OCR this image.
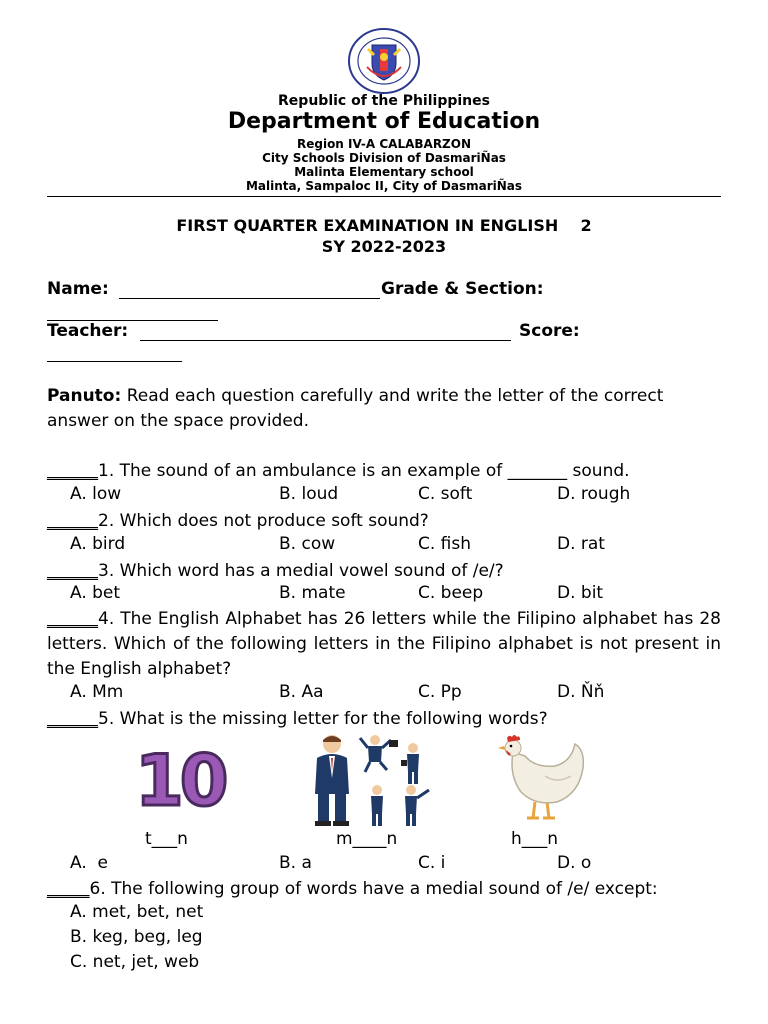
Republic of the Philippines
Department of Education
Region IV-A CALABARZON
City Schools Division of DasmariÑas
Malinta Elementary school
Malinta, Sampaloc II, City of DasmariÑas
FIRST QUARTER EXAMINATION IN ENGLISH    2
SY 2022-2023
Name:	Grade & Section:
Teacher:	Score:
Panuto: Read each question carefully and write the letter of the correct answer on the space provided.
______1. The sound of an ambulance is an example of _______ sound.
A. low	B. loud	C. soft	D. rough
______2. Which does not produce soft sound?
A. bird	B. cow	C. fish	D. rat
______3. Which word has a medial vowel sound of /e/?
A. bet	B. mate	C. beep	D. bit
______4. The English Alphabet has 26 letters while the Filipino alphabet has 28 letters. Which of the following letters in the Filipino alphabet is not present in the English alphabet?
A. Mm	B. Aa	C. Pp	D. Ňň
______5. What is the missing letter for the following words?
10
t___n	m____n	h___n
A.  e	B. a	C. i	D. o
_____6. The following group of words have a medial sound of /e/ except:
A. met, bet, net
B. keg, beg, leg
C. net, jet, web
